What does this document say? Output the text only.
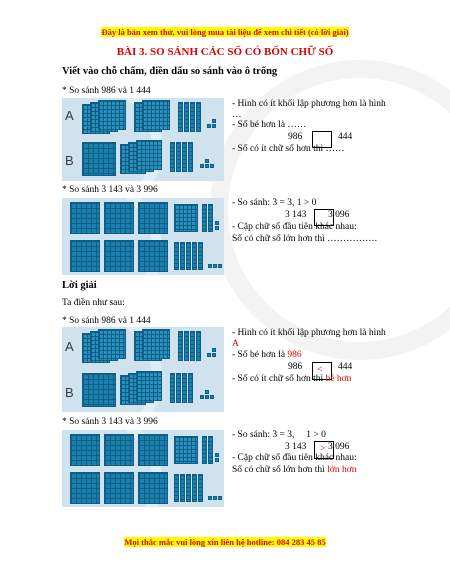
Đây là bản xem thử, vui lòng mua tài liệu để xem chi tiết (có lời giải)
BÀI 3. SO SÁNH CÁC SỐ CÓ BỐN CHỮ SỐ
Viết vào chỗ chấm, điền dấu so sánh vào ô trống
* So sánh 986 và 1 444
A
B
- Hình có ít khối lập phương hơn là hình
…
- Số bé hơn là ……
986	444
- Số có ít chữ số hơn thì ……
* So sánh 3 143 và 3 996
- So sánh: 3 = 3, 1 > 0
3 143 3 096
- Cặp chữ số đầu tiên khác nhau:
Số có chữ số lớn hơn thì …………….
Lời giải
Ta điền như sau:
* So sánh 986 và 1 444
A
B
- Hình có ít khối lập phương hơn là hình
A
- Số bé hơn là 986
986 < 444
- Số có ít chữ số hơn thì bé hơn
* So sánh 3 143 và 3 996
- So sánh: 3 = 3,     1 > 0
3 143 > 3 096
- Cặp chữ số đầu tiên khác nhau:
Số có chữ số lớn hơn thì lớn hơn
Mọi thắc mắc vui lòng xin liên hệ hotline: 084 283 45 85
